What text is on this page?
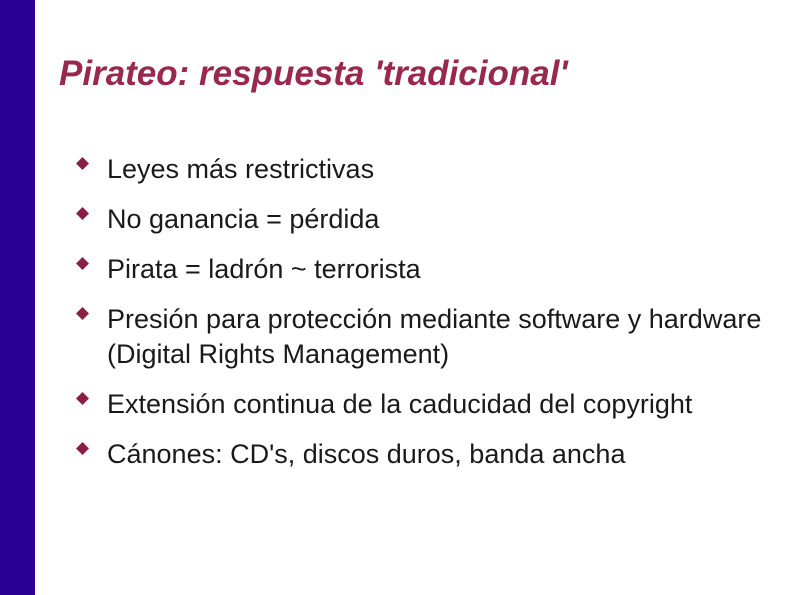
Pirateo: respuesta 'tradicional'
Leyes más restrictivas
No ganancia = pérdida
Pirata = ladrón ~ terrorista
Presión para protección mediante software y hardware (Digital Rights Management)
Extensión continua de la caducidad del copyright
Cánones: CD's, discos duros, banda ancha
